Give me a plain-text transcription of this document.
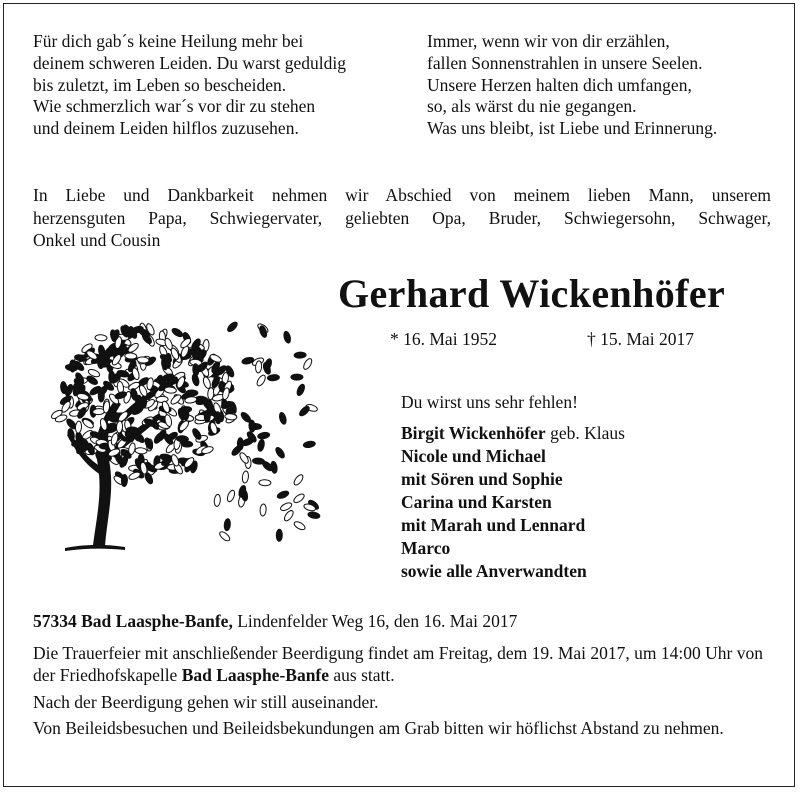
Für dich gab´s keine Heilung mehr bei
deinem schweren Leiden. Du warst geduldig
bis zuletzt, im Leben so bescheiden.
Wie schmerzlich war´s vor dir zu stehen
und deinem Leiden hilflos zuzusehen.
Immer, wenn wir von dir erzählen,
fallen Sonnenstrahlen in unsere Seelen.
Unsere Herzen halten dich umfangen,
so, als wärst du nie gegangen.
Was uns bleibt, ist Liebe und Erinnerung.
In Liebe und Dankbarkeit nehmen wir Abschied von meinem lieben Mann, unserem
herzensguten Papa, Schwiegervater, geliebten Opa, Bruder, Schwiegersohn, Schwager,
Onkel und Cousin
Gerhard Wickenhöfer
* 16. Mai 1952	† 15. Mai 2017
Du wirst uns sehr fehlen!
Birgit Wickenhöfer geb. Klaus
Nicole und Michael
mit Sören und Sophie
Carina und Karsten
mit Marah und Lennard
Marco
sowie alle Anverwandten

57334 Bad Laasphe-Banfe, Lindenfelder Weg 16, den 16. Mai 2017

Die Trauerfeier mit anschließender Beerdigung findet am Freitag, dem 19. Mai 2017, um 14:00 Uhr von der Friedhofskapelle Bad Laasphe-Banfe aus statt.

Nach der Beerdigung gehen wir still auseinander.

Von Beileidsbesuchen und Beileidsbekundungen am Grab bitten wir höflichst Abstand zu nehmen.
